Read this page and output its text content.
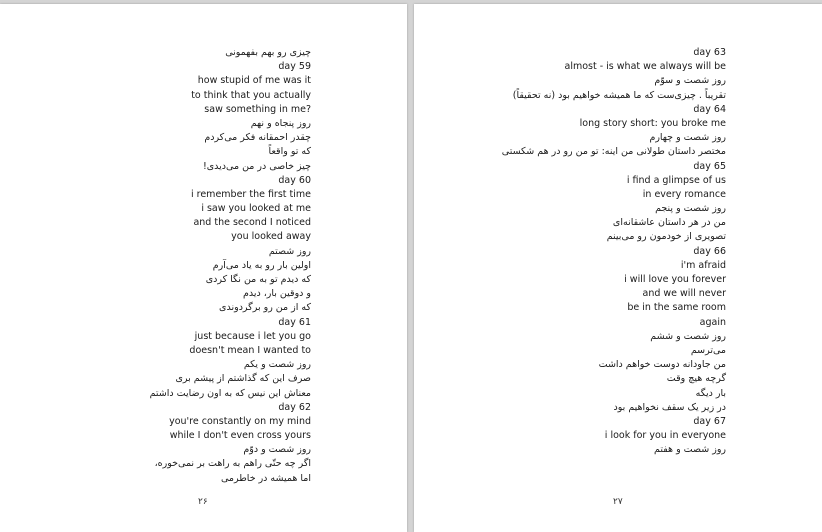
چیزی رو بهم بفهمونی
day 59
how stupid of me was it
to think that you actually
saw something in me?
روز پنجاه و نهم
چقدر احمقانه فکر می‌کردم
که تو واقعاً
چیز خاصی در من می‌دیدی!
day 60
i remember the first time
i saw you looked at me
and the second I noticed
you looked away
روز شصتم
اولین بار رو به یاد می‌آرم
که دیدم تو به من نگا کردی
و دوقین بار، دیدم
که از من رو برگردوندی
day 61
just because i let you go
doesn't mean I wanted to
روز شصت و یکم
صرف این که گذاشتم از پیشم بری
معناش این نیس که به اون رضایت داشتم
day 62
you're constantly on my mind
while I don't even cross yours
روز شصت و دوّم
اگر چه حتّی راهم به راهت بر نمی‌خوره،
اما همیشه در خاطرمی
۲۶
day 63
almost - is what we always will be
روز شصت و سوّم
تقریباً . چیزی‌ست که ما همیشه خواهیم بود (نه تحقیقاً)
day 64
long story short: you broke me
روز شصت و چهارم
مختصر داستان طولانی من اینه: تو من رو در هم شکستی
day 65
i find a glimpse of us
in every romance
روز شصت و پنجم
من در هر داستان عاشقانه‌ای
تصویری از خودمون رو می‌بینم
day 66
i'm afraid
i will love you forever
and we will never
be in the same room
again
روز شصت و ششم
می‌ترسم
من جاودانه دوست خواهم داشت
گرچه هیچ وقت
بار دیگه
در زیر یک سقف نخواهیم بود
day 67
i look for you in everyone
روز شصت و هفتم
۲۷
